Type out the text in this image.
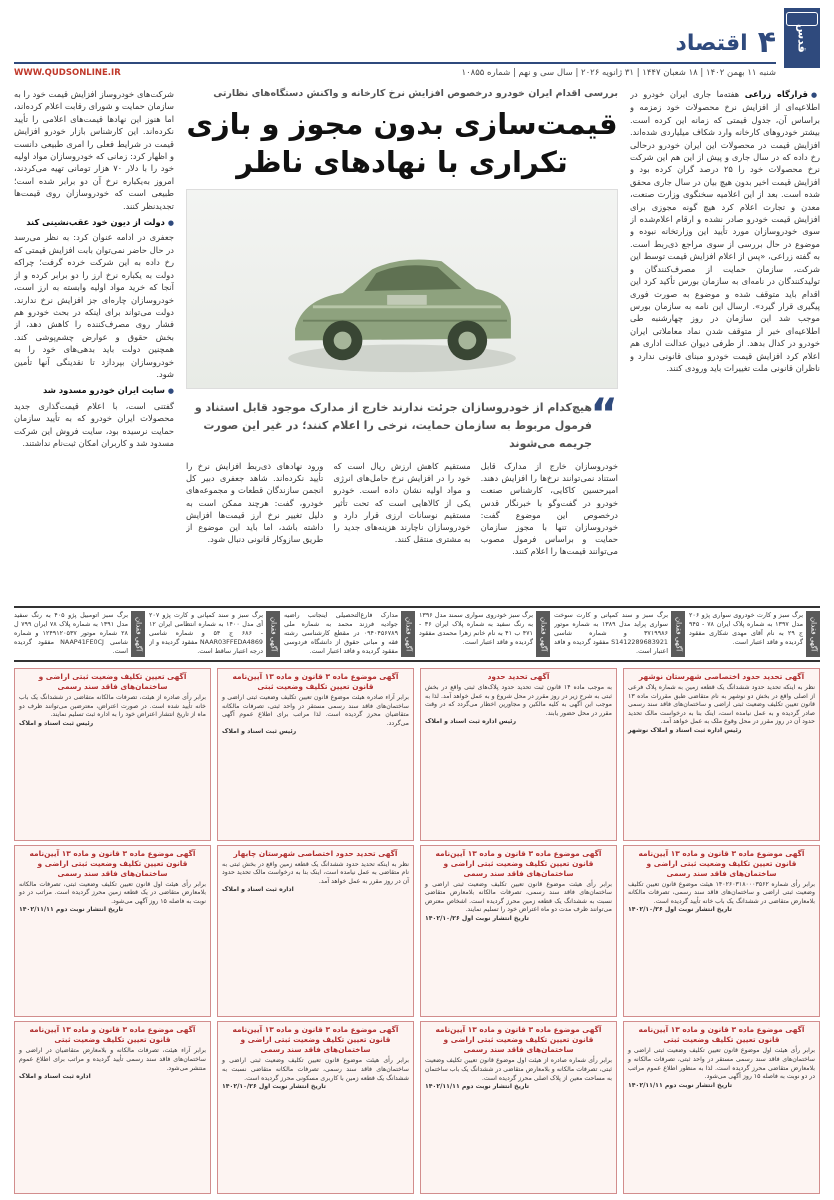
قدس
۴
اقتصاد
شنبه ۱۱ بهمن ۱۴۰۲ | ۱۸ شعبان ۱۴۴۷ | ۳۱ ژانویه ۲۰۲۶ | سال سی و نهم | شماره ۱۰۸۵۵
WWW.QUDSONLINE.IR
● قرارگاه زراعی هفته‌ما جاری ایران خودرو در اطلاعیه‌ای از افزایش نرخ محصولات خود زمزمه و براساس آن، جدول قیمتی که زمانه این کرده است. بیشتر خودروهای کارخانه وارد شکاف میلیاردی شده‌اند. افزایش قیمت در محصولات این ایران خودرو درحالی رخ داده که در سال جاری و پیش از این هم این شرکت نرخ محصولات خود را ۲۵ درصد گران کرده بود و افزایش قیمت اخیر بدون هیچ بیان در سال جاری محقق شده است. بعد از این اعلامیه سخنگوی وزارت صنعت، معدن و تجارت اعلام کرد هیچ گونه مجوزی برای افزایش قیمت خودرو صادر نشده و ارقام اعلام‌شده از سوی خودروسازان مورد تأیید این وزارتخانه نبوده و موضوع در حال بررسی از سوی مراجع ذی‌ربط است. به گفته زراعی، «پس از اعلام افزایش قیمت توسط این شرکت، سازمان حمایت از مصرف‌کنندگان و تولیدکنندگان در نامه‌ای به سازمان بورس تأکید کرد این اقدام باید متوقف شده و موضوع به صورت فوری پیگیری قرار گیرد». ارسال این نامه به سازمان بورس موجب شد این سازمان در روز چهارشنبه طی اطلاعیه‌ای خبر از متوقف شدن نماد معاملاتی ایران خودرو در کدال بدهد. از طرفی دیوان عدالت اداری هم اعلام کرد افزایش قیمت خودرو مبنای قانونی ندارد و ناظران قانونی ملت تغییرات باید ورودی کنند.
بررسی اقدام ایران خودرو درخصوص افزایش نرخ کارخانه و واکنش دستگاه‌های نظارتی
قیمت‌سازی بدون مجوز و بازی تکراری با نهادهای ناظر
“
هیچ‌کدام از خودروسازان جرئت ندارند خارج از مدارک موجود قابل استناد و فرمول مربوط به سازمان حمایت، نرخی را اعلام کنند؛ در غیر این صورت جریمه می‌شوند
خودروسازان خارج از مدارک قابل استناد نمی‌توانند نرخ‌ها را افزایش دهند. امیرحسین کاکایی، کارشناس صنعت خودرو در گفت‌وگو با خبرنگار قدس درخصوص این موضوع گفت: خودروسازان تنها با مجوز سازمان حمایت و براساس فرمول مصوب می‌توانند قیمت‌ها را اعلام کنند.
مستقیم کاهش ارزش ریال است که خود را در افزایش نرخ حامل‌های انرژی و مواد اولیه نشان داده است. خودرو یکی از کالاهایی است که تحت تأثیر مستقیم نوسانات ارزی قرار دارد و خودروسازان ناچارند هزینه‌های جدید را به مشتری منتقل کنند.
ورود نهادهای ذی‌ربط افزایش نرخ را تأیید نکرده‌اند. شاهد جعفری دبیر کل انجمن سازندگان قطعات و مجموعه‌های خودرو، گفت: هرچند ممکن است به دلیل تغییر نرخ ارز قیمت‌ها افزایش داشته باشد، اما باید این موضوع از طریق سازوکار قانونی دنبال شود.
شرکت‌های خودروساز افزایش قیمت خود را به سازمان حمایت و شورای رقابت اعلام کرده‌اند، اما هنوز این نهادها قیمت‌های اعلامی را تأیید نکرده‌اند. این کارشناس بازار خودرو افزایش قیمت در شرایط فعلی را امری طبیعی دانست و اظهار کرد: زمانی که خودروسازان مواد اولیه خود را با دلار ۷۰ هزار تومانی تهیه می‌کردند، امروز به‌یکباره نرخ آن دو برابر شده است؛ طبیعی است که خودروسازان روی قیمت‌ها تجدیدنظر کنند.
● دولت از دیون خود عقب‌نشینی کند
جعفری در ادامه عنوان کرد: به نظر می‌رسد در حال حاضر نمی‌توان بابت افزایش قیمتی که رخ داده به این شرکت خرده گرفت؛ چراکه دولت به یکباره نرخ ارز را دو برابر کرده و از آنجا که خرید مواد اولیه وابسته به ارز است، خودروسازان چاره‌ای جز افزایش نرخ ندارند. دولت می‌تواند برای اینکه در بحث خودرو هم فشار روی مصرف‌کننده را کاهش دهد، از بخش حقوق و عوارض چشم‌پوشی کند. همچنین دولت باید بدهی‌های خود را به خودروسازان بپردازد تا نقدینگی آنها تأمین شود.
● سایت ایران خودرو مسدود شد
گفتنی است، با اعلام قیمت‌گذاری جدید محصولات ایران خودرو که به تأیید سازمان حمایت نرسیده بود، سایت فروش این شرکت مسدود شد و کاربران امکان ثبت‌نام نداشتند.
آگهی فقدان
برگ سبز و کارت خودروی سواری پژو ۲۰۶ مدل ۱۳۹۷ به شماره پلاک ایران ۷۸ - ۹۴۵ ج ۲۹ به نام آقای مهدی شکاری مفقود گردیده و فاقد اعتبار است.
آگهی فقدان
برگ سبز و سند کمپانی و کارت سوخت سواری پراید مدل ۱۳۸۹ به شماره موتور ۳۷۱۹۹۸۶ و شماره شاسی S1412289683921 مفقود گردیده و فاقد اعتبار است.
آگهی فقدان
برگ سبز خودروی سواری سمند مدل ۱۳۹۶ به رنگ سفید به شماره پلاک ایران ۳۶ - ۴۷۱ ب ۴۱ به نام خانم زهرا محمدی مفقود گردیده و فاقد اعتبار است.
آگهی فقدان
مدارک فارغ‌التحصیلی اینجانب راضیه جوادیه فرزند محمد به شماره ملی ۰۹۴۰۴۵۶۷۸۹ در مقطع کارشناسی رشته فقه و مبانی حقوق از دانشگاه فردوسی مفقود گردیده و فاقد اعتبار است.
آگهی فقدان
برگ سبز و سند کمپانی و کارت پژو ۲۰۷ آی مدل ۱۴۰۰ به شماره انتظامی ایران ۱۲ - ۶۸۶ ج ۵۴ و شماره شاسی NAAR03FFEDA4869 مفقود گردیده و از درجه اعتبار ساقط است.
آگهی فقدان
برگ سبز اتومبیل پژو ۴۰۵ به رنگ سفید مدل ۱۳۹۱ به شماره پلاک ۷۸ ایران ۷۹۹ ل ۲۸ شماره موتور ۱۲۴۹۱۲۰۵۳۷ و شماره شاسی NAAP41FE0CJ مفقود گردیده است.
آگهی تحدید حدود اختصاصی شهرستان نوشهر
نظر به اینکه تحدید حدود ششدانگ یک قطعه زمین به شماره پلاک فرعی از اصلی واقع در بخش دو نوشهر به نام متقاضی طبق مقررات ماده ۱۳ قانون تعیین تکلیف وضعیت ثبتی اراضی و ساختمان‌های فاقد سند رسمی صادر گردیده و به عمل نیامده است، اینک بنا به درخواست مالک تحدید حدود آن در روز مقرر در محل وقوع ملک به عمل خواهد آمد.
رئیس اداره ثبت اسناد و املاک نوشهر
آگهی موضوع ماده ۳ قانون و ماده ۱۳ آیین‌نامه قانون تعیین تکلیف وضعیت ثبتی اراضی و ساختمان‌های فاقد سند رسمی
برابر رأی شماره ۱۴۰۲۶۰۳۱۸۰۰۰۳۵۶۲ هیئت موضوع قانون تعیین تکلیف وضعیت ثبتی اراضی و ساختمان‌های فاقد سند رسمی، تصرفات مالکانه بلامعارض متقاضی در ششدانگ یک باب خانه تأیید گردیده است.
تاریخ انتشار نوبت اول ۱۴۰۲/۱۰/۲۶
آگهی موضوع ماده ۳ قانون و ماده ۱۳ آیین‌نامه قانون تعیین تکلیف وضعیت ثبتی
برابر رأی هیئت اول موضوع قانون تعیین تکلیف وضعیت ثبتی اراضی و ساختمان‌های فاقد سند رسمی مستقر در واحد ثبتی، تصرفات مالکانه و بلامعارض متقاضی محرز گردیده است. لذا به منظور اطلاع عموم مراتب در دو نوبت به فاصله ۱۵ روز آگهی می‌شود.
تاریخ انتشار نوبت دوم ۱۴۰۲/۱۱/۱۱
آگهی تحدید حدود
به موجب ماده ۱۴ قانون ثبت تحدید حدود پلاک‌های ثبتی واقع در بخش ثبتی به شرح زیر در روز مقرر در محل شروع و به عمل خواهد آمد. لذا به موجب این آگهی به کلیه مالکین و مجاورین اخطار می‌گردد که در وقت مقرر در محل حضور یابند.
رئیس اداره ثبت اسناد و املاک
آگهی موضوع ماده ۳ قانون و ماده ۱۳ آیین‌نامه قانون تعیین تکلیف وضعیت ثبتی اراضی و ساختمان‌های فاقد سند رسمی
برابر رأی هیئت موضوع قانون تعیین تکلیف وضعیت ثبتی اراضی و ساختمان‌های فاقد سند رسمی، تصرفات مالکانه بلامعارض متقاضی نسبت به ششدانگ یک قطعه زمین محرز گردیده است. اشخاص معترض می‌توانند ظرف مدت دو ماه اعتراض خود را تسلیم نمایند.
تاریخ انتشار نوبت اول ۱۴۰۲/۱۰/۲۶
آگهی موضوع ماده ۳ قانون و ماده ۱۳ آیین‌نامه قانون تعیین تکلیف وضعیت ثبتی اراضی و ساختمان‌های فاقد سند رسمی
برابر رأی شماره صادره از هیئت اول موضوع قانون تعیین تکلیف وضعیت ثبتی، تصرفات مالکانه و بلامعارض متقاضی در ششدانگ یک باب ساختمان به مساحت معین از پلاک اصلی محرز گردیده است.
تاریخ انتشار نوبت دوم ۱۴۰۲/۱۱/۱۱
آگهی موضوع ماده ۳ قانون و ماده ۱۳ آیین‌نامه قانون تعیین تکلیف وضعیت ثبتی
برابر آراء صادره هیئت موضوع قانون تعیین تکلیف وضعیت ثبتی اراضی و ساختمان‌های فاقد سند رسمی مستقر در واحد ثبتی، تصرفات مالکانه متقاضیان محرز گردیده است. لذا مراتب برای اطلاع عموم آگهی می‌گردد.
رئیس ثبت اسناد و املاک
آگهی تحدید حدود اختصاصی شهرستان چابهار
نظر به اینکه تحدید حدود ششدانگ یک قطعه زمین واقع در بخش ثبتی به نام متقاضی به عمل نیامده است، اینک بنا به درخواست مالک تحدید حدود آن در روز مقرر به عمل خواهد آمد.
اداره ثبت اسناد و املاک
آگهی موضوع ماده ۳ قانون و ماده ۱۳ آیین‌نامه قانون تعیین تکلیف وضعیت ثبتی اراضی و ساختمان‌های فاقد سند رسمی
برابر رأی هیئت موضوع قانون تعیین تکلیف وضعیت ثبتی اراضی و ساختمان‌های فاقد سند رسمی، تصرفات مالکانه متقاضی نسبت به ششدانگ یک قطعه زمین با کاربری مسکونی محرز گردیده است.
تاریخ انتشار نوبت اول ۱۴۰۲/۱۰/۲۶
آگهی تعیین تکلیف وضعیت ثبتی اراضی و ساختمان‌های فاقد سند رسمی
برابر رأی صادره از هیئت، تصرفات مالکانه متقاضی در ششدانگ یک باب خانه تأیید شده است. در صورت اعتراض، معترضین می‌توانند ظرف دو ماه از تاریخ انتشار اعتراض خود را به اداره ثبت تسلیم نمایند.
رئیس ثبت اسناد و املاک
آگهی موضوع ماده ۳ قانون و ماده ۱۳ آیین‌نامه قانون تعیین تکلیف وضعیت ثبتی اراضی و ساختمان‌های فاقد سند رسمی
برابر رأی هیئت اول قانون تعیین تکلیف وضعیت ثبتی، تصرفات مالکانه بلامعارض متقاضی در یک قطعه زمین محرز گردیده است. مراتب در دو نوبت به فاصله ۱۵ روز آگهی می‌شود.
تاریخ انتشار نوبت دوم ۱۴۰۲/۱۱/۱۱
آگهی موضوع ماده ۳ قانون و ماده ۱۳ آیین‌نامه قانون تعیین تکلیف وضعیت ثبتی
برابر آراء هیئت، تصرفات مالکانه و بلامعارض متقاضیان در اراضی و ساختمان‌های فاقد سند رسمی تأیید گردیده و مراتب برای اطلاع عموم منتشر می‌شود.
اداره ثبت اسناد و املاک
